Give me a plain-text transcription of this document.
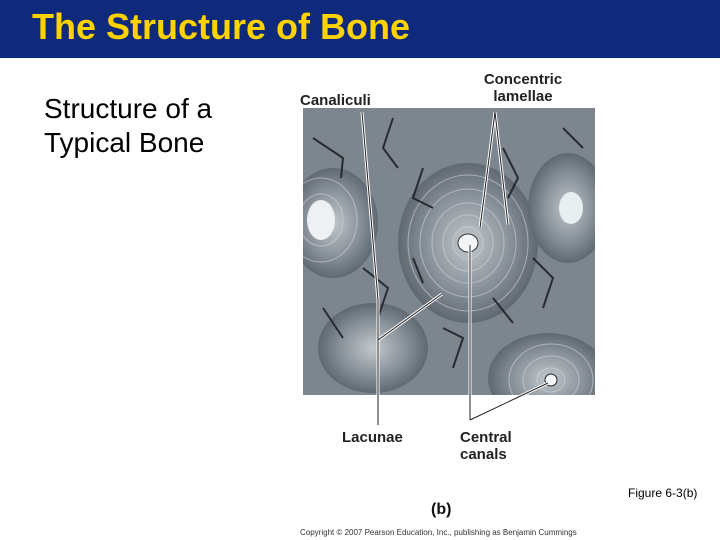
The Structure of Bone
Structure of a Typical Bone
Canaliculi
Concentric
lamellae
Lacunae	Central
canals
Figure 6-3(b)
(b)
Copyright © 2007 Pearson Education, Inc., publishing as Benjamin Cummings
